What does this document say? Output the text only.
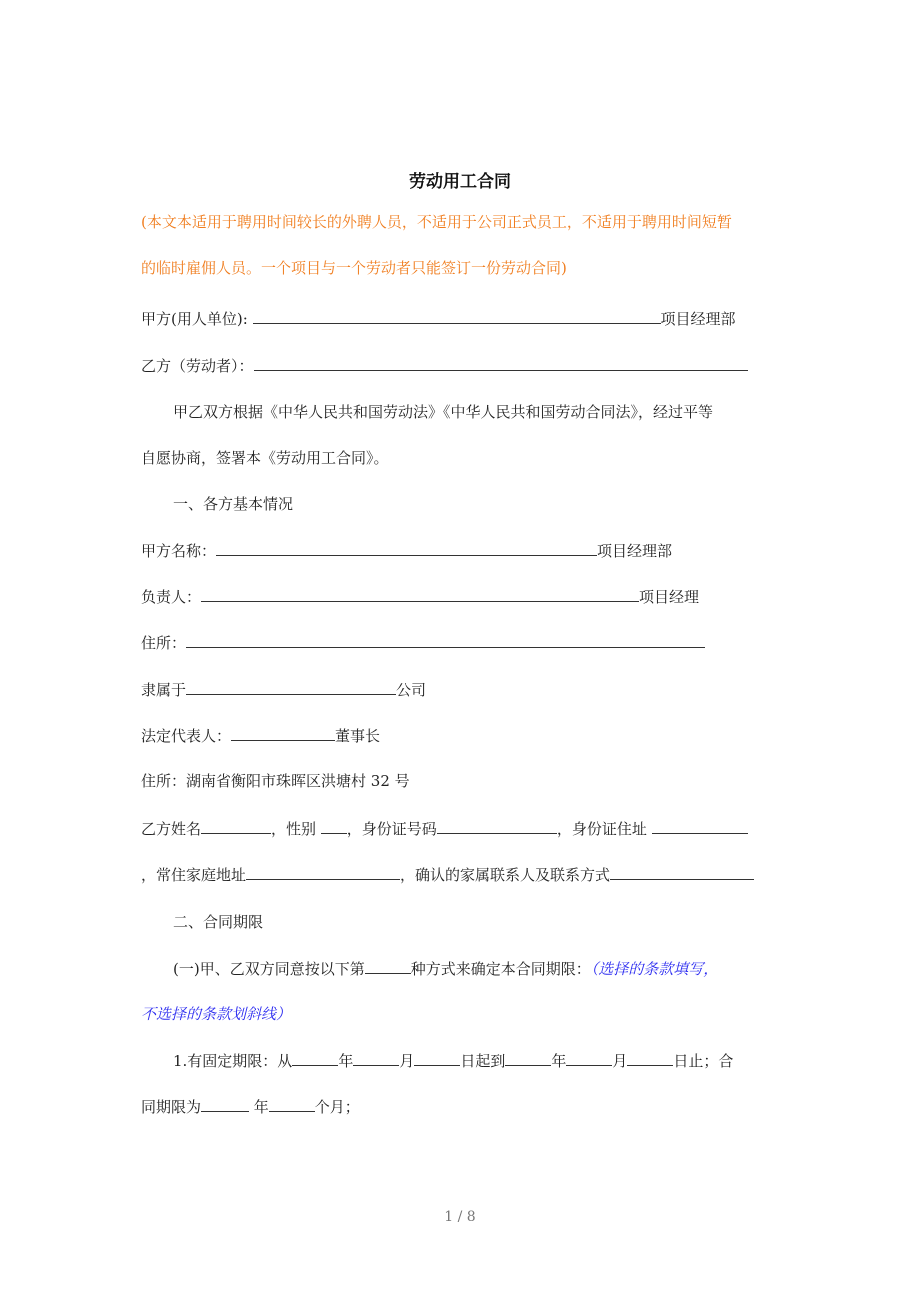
劳动用工合同
(本文本适用于聘用时间较长的外聘人员，不适用于公司正式员工，不适用于聘用时间短暂
的临时雇佣人员。一个项目与一个劳动者只能签订一份劳动合同)
甲方(用人单位):	项目经理部
乙方（劳动者）：
甲乙双方根据《中华人民共和国劳动法》《中华人民共和国劳动合同法》，经过平等
自愿协商，签署本《劳动用工合同》。
一、各方基本情况
甲方名称：	项目经理部
负责人：	项目经理
住所：
隶属于	公司
法定代表人：	董事长
住所：湖南省衡阳市珠晖区洪塘村 32 号
乙方姓名	，性别 ，身份证号码	，身份证住址
，常住家庭地址	，确认的家属联系人及联系方式
二、合同期限
(一)甲、乙双方同意按以下第	种方式来确定本合同期限：（选择的条款填写，
不选择的条款划斜线）
1.有固定期限：从	年	月	日起到	年	月	日止；合
同期限为	年	个月；
1 / 8
